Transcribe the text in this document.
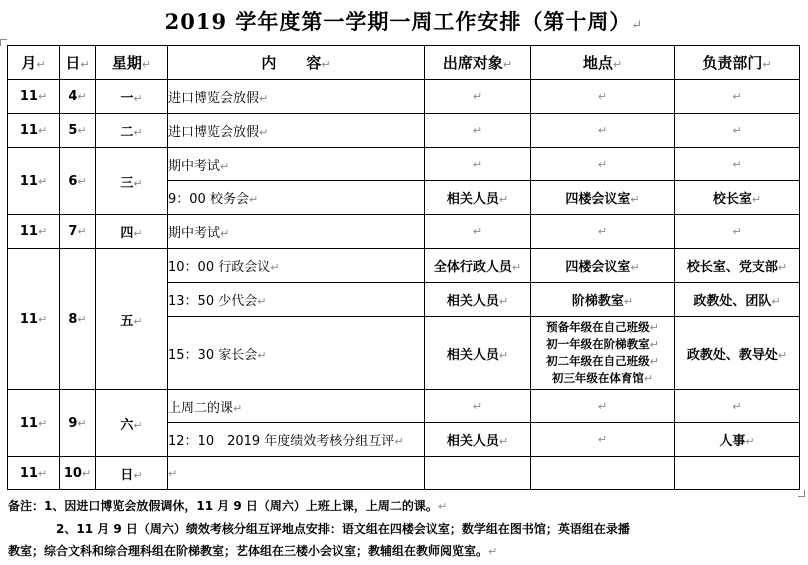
2019 学年度第一学期一周工作安排（第十周）↵
月↵	日↵	星期↵	内　　容↵	出席对象↵	地点↵	负责部门↵
11↵	4↵	一↵	进口博览会放假↵	↵	↵	↵
11↵	5↵	二↵	进口博览会放假↵	↵	↵	↵
11↵	6↵	三↵	期中考试↵	↵	↵	↵
			9：00 校务会↵	相关人员↵	四楼会议室↵	校长室↵
11↵	7↵	四↵	期中考试↵	↵	↵	↵
11↵	8↵	五↵	10：00 行政会议↵	全体行政人员↵	四楼会议室↵	校长室、党支部↵
			13：50 少代会↵	相关人员↵	阶梯教室↵	政教处、团队↵
			15：30 家长会↵	相关人员↵	预备年级在自己班级↵
初一年级在阶梯教室↵
初二年级在自己班级↵
初三年级在体育馆↵	政教处、教导处↵
11↵	9↵	六↵	上周二的课↵	↵	↵	↵
			12：10　2019 年度绩效考核分组互评↵	相关人员↵	↵	人事↵
11↵	10↵	日↵	↵			
备注：1、因进口博览会放假调休，11 月 9 日（周六）上班上课，上周二的课。↵
2、11 月 9 日（周六）绩效考核分组互评地点安排：语文组在四楼会议室；数学组在图书馆；英语组在录播
教室；综合文科和综合理科组在阶梯教室；艺体组在三楼小会议室；教辅组在教师阅览室。↵
